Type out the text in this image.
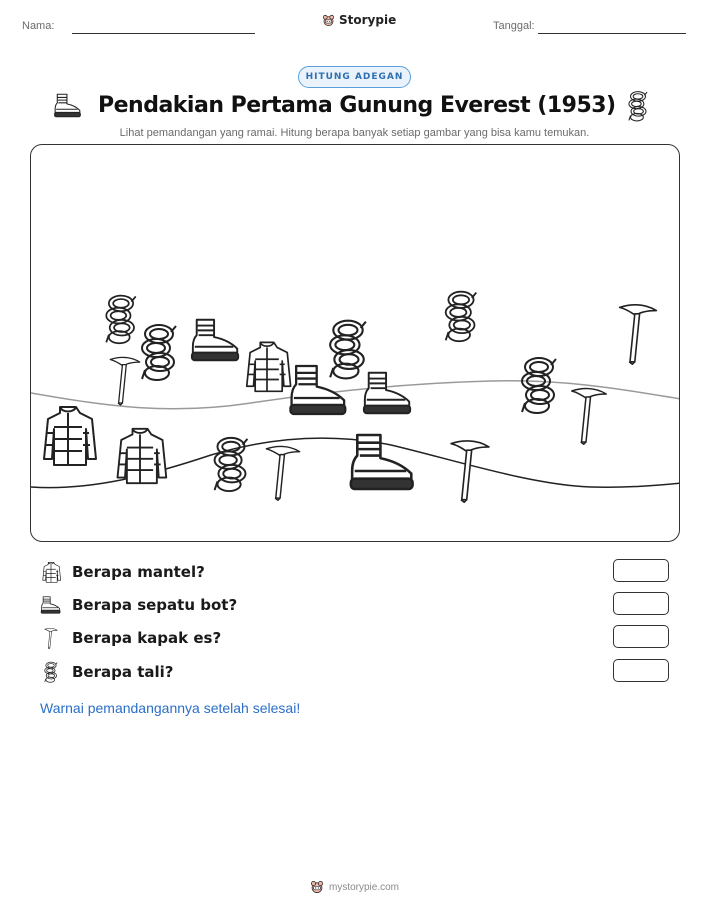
Nama:	Storypie	Tanggal:
HITUNG ADEGAN
Pendakian Pertama Gunung Everest (1953)
Lihat pemandangan yang ramai. Hitung berapa banyak setiap gambar yang bisa kamu temukan.
Berapa mantel?
Berapa sepatu bot?
Berapa kapak es?
Berapa tali?
Warnai pemandangannya setelah selesai!
mystorypie.com
